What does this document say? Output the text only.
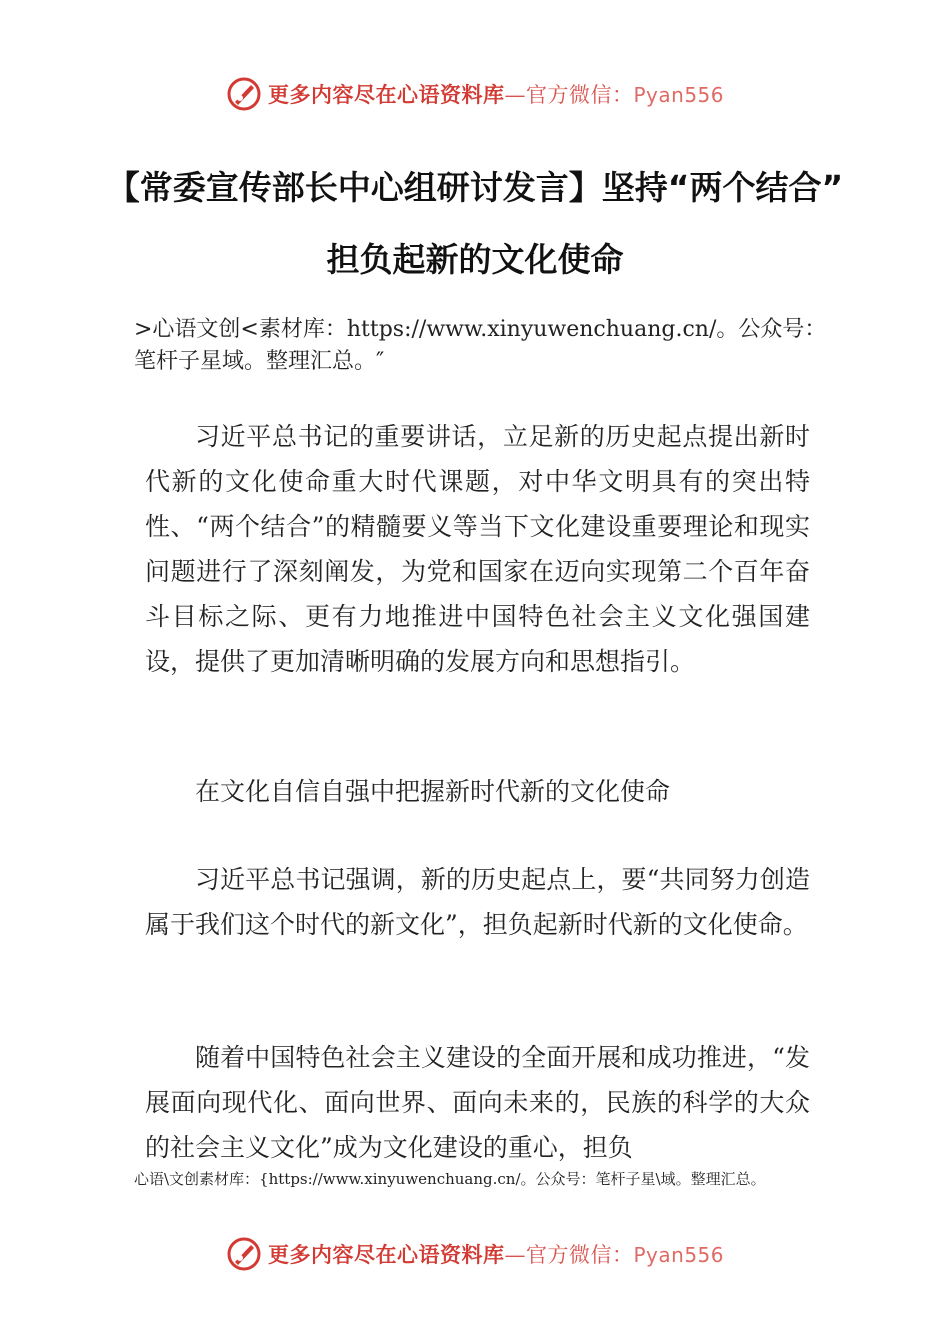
更多内容尽在心语资料库—官方微信：Pyan556
【常委宣传部长中心组研讨发言】坚持“两个结合” 担负起新的文化使命
>心语文创<素材库：https://www.xinyuwenchuang.cn/。公众号：笔杆子星域。整理汇总。″

习近平总书记的重要讲话，立足新的历史起点提出新时代新的文化使命重大时代课题，对中华文明具有的突出特性、“两个结合”的精髓要义等当下文化建设重要理论和现实问题进行了深刻阐发，为党和国家在迈向实现第二个百年奋斗目标之际、更有力地推进中国特色社会主义文化强国建设，提供了更加清晰明确的发展方向和思想指引。

在文化自信自强中把握新时代新的文化使命

习近平总书记强调，新的历史起点上，要“共同努力创造属于我们这个时代的新文化”，担负起新时代新的文化使命。

随着中国特色社会主义建设的全面开展和成功推进，“发展面向现代化、面向世界、面向未来的，民族的科学的大众的社会主义文化”成为文化建设的重心，担负

心语\文创素材库：{https://www.xinyuwenchuang.cn/。公众号：笔杆子星\域。整理汇总。
更多内容尽在心语资料库—官方微信：Pyan556
